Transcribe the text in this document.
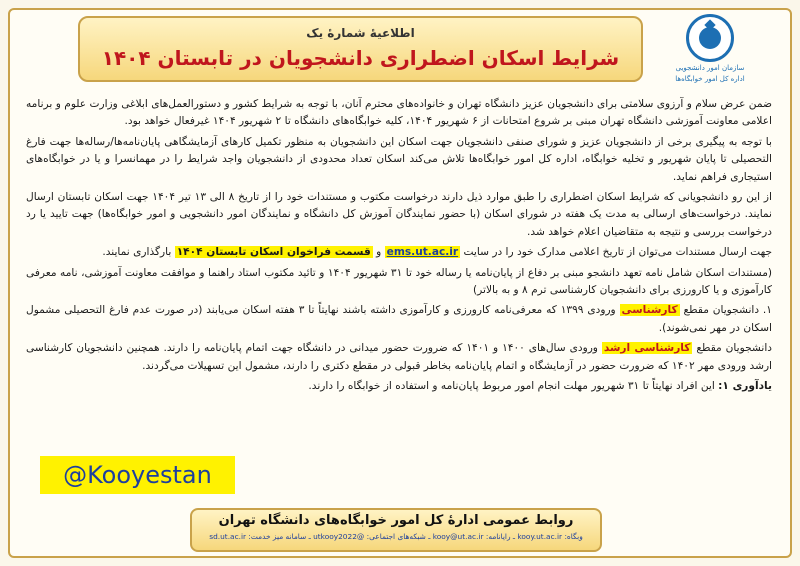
اطلاعیهٔ شمارهٔ یک
شرایط اسکان اضطراری دانشجویان در تابستان ۱۴۰۴	سازمان امور دانشجویی
اداره کل امور خوابگاه‌ها

ضمن عرض سلام و آرزوی سلامتی برای دانشجویان عزیز دانشگاه تهران و خانواده‌های محترم آنان، با توجه به شرایط کشور و دستورالعمل‌های ابلاغی وزارت علوم و برنامه اعلامی معاونت آموزشی دانشگاه تهران مبنی بر شروع امتحانات از ۶ شهریور ۱۴۰۴، کلیه خوابگاه‌های دانشگاه تا ۲ شهریور ۱۴۰۴ غیرفعال خواهد بود.

با توجه به پیگیری برخی از دانشجویان عزیز و شورای صنفی دانشجویان جهت اسکان این دانشجویان به منظور تکمیل کارهای آزمایشگاهی پایان‌نامه‌ها/رساله‌ها جهت فارغ التحصیلی تا پایان شهریور و تخلیه خوابگاه، اداره کل امور خوابگاه‌ها تلاش می‌کند اسکان تعداد محدودی از دانشجویان واجد شرایط را در مهمانسرا و یا در خوابگاه‌های استیجاری فراهم نماید.

از این رو دانشجویانی که شرایط اسکان اضطراری را طبق موارد ذیل دارند درخواست مکتوب و مستندات خود را از تاریخ ۸ الی ۱۳ تیر ۱۴۰۴ جهت اسکان تابستان ارسال نمایند. درخواست‌های ارسالی به مدت یک هفته در شورای اسکان (با حضور نمایندگان آموزش کل دانشگاه و نمایندگان امور دانشجویی و امور خوابگاه‌ها) جهت تایید یا رد درخواست بررسی و نتیجه به متقاضیان اعلام خواهد شد.

جهت ارسال مستندات می‌توان از تاریخ اعلامی مدارک خود را در سایت ems.ut.ac.ir و قسمت فراخوان اسکان تابستان ۱۴۰۴ بارگذاری نمایند.

(مستندات اسکان شامل نامه تعهد دانشجو مبنی بر دفاع از پایان‌نامه یا رساله خود تا ۳۱ شهریور ۱۴۰۴ و تائید مکتوب استاد راهنما و موافقت معاونت آموزشی، نامه معرفی کارآموزی و یا کارورزی برای دانشجویان کارشناسی ترم ۸ و به بالاتر)

۱. دانشجویان مقطع کارشناسی ورودی ۱۳۹۹ که معرفی‌نامه کارورزی و کارآموزی داشته باشند نهایتاً تا ۳ هفته اسکان می‌یابند (در صورت عدم فارغ التحصیلی مشمول اسکان در مهر نمی‌شوند).

دانشجویان مقطع کارشناسی ارشد ورودی سال‌های ۱۴۰۰ و ۱۴۰۱ که ضرورت حضور میدانی در دانشگاه جهت اتمام پایان‌نامه را دارند. همچنین دانشجویان کارشناسی ارشد ورودی مهر ۱۴۰۲ که ضرورت حضور در آزمایشگاه و اتمام پایان‌نامه بخاطر قبولی در مقطع دکتری را دارند، مشمول این تسهیلات می‌گردند.

یادآوری ۱: این افراد نهایتاً تا ۳۱ شهریور مهلت انجام امور مربوط پایان‌نامه و استفاده از خوابگاه را دارند.

@Kooyestan
روابط عمومی ادارهٔ کل امور خوابگاه‌های دانشگاه تهران
وبگاه: kooy.ut.ac.ir ـ رایانامه: kooy@ut.ac.ir ـ شبکه‌های اجتماعی: @utkooy2022 ـ سامانه میز خدمت: sd.ut.ac.ir
